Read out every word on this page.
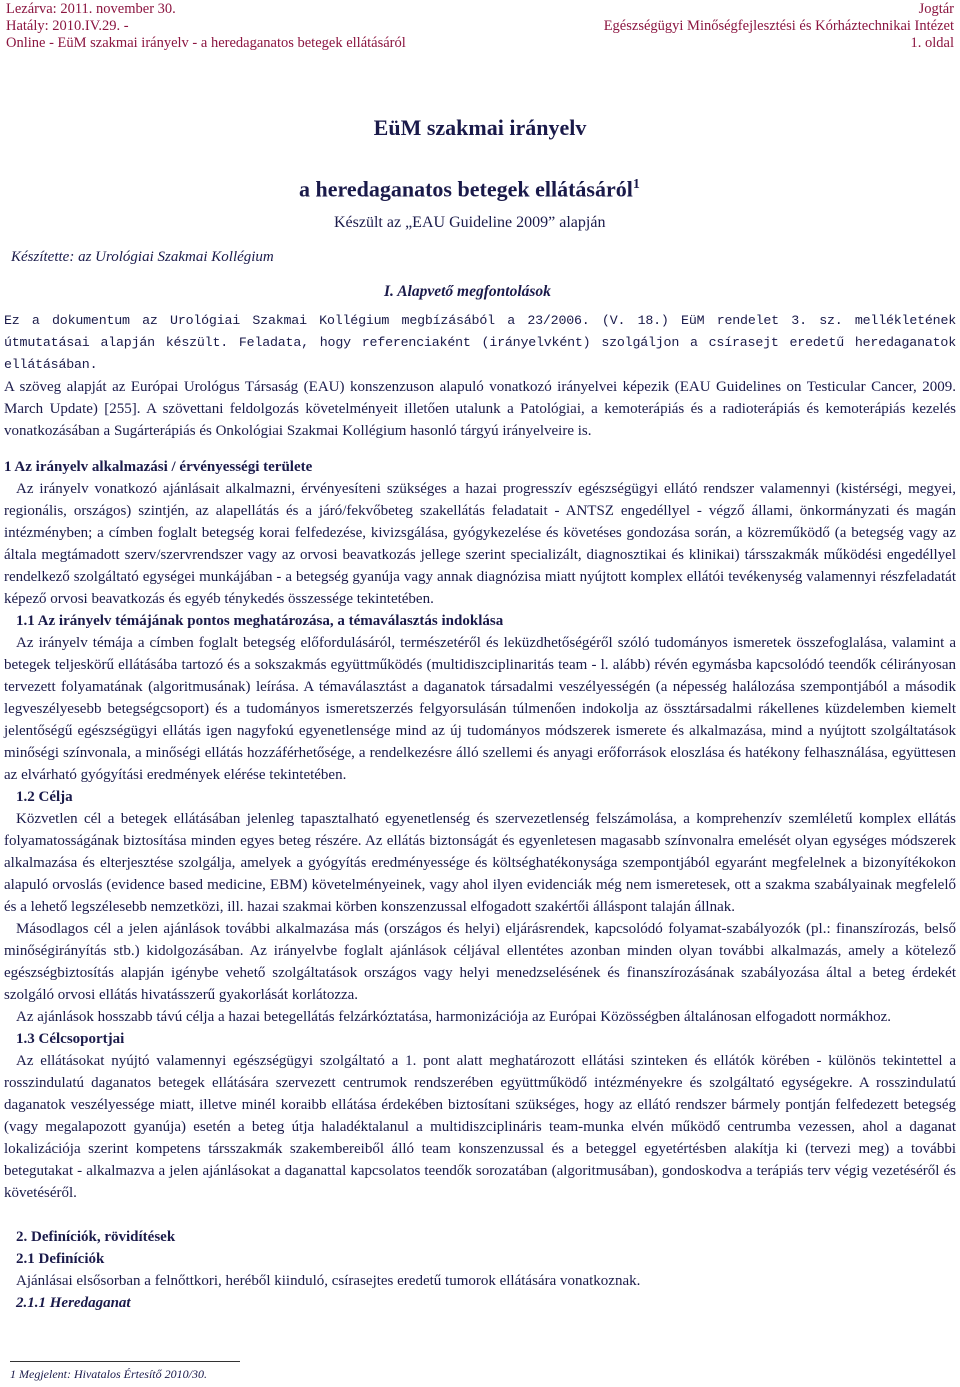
Lezárva: 2011. november 30.
Hatály: 2010.IV.29. -
Online - EüM szakmai irányelv - a heredaganatos betegek ellátásáról
Jogtár
Egészségügyi Minőségfejlesztési és Kórháztechnikai Intézet
1. oldal
EüM szakmai irányelv
a heredaganatos betegek ellátásáról$^1$
Készült az „EAU Guideline 2009” alapján
Készítette: az Urológiai Szakmai Kollégium
I. Alapvető megfontolások

Ez a dokumentum az Urológiai Szakmai Kollégium megbízásából a 23/2006. (V. 18.) EüM rendelet 3. sz. mellékletének útmutatásai alapján készült. Feladata, hogy referenciaként (irányelvként) szolgáljon a csírasejt eredetű heredaganatok ellátásában.

A szöveg alapját az Európai Urológus Társaság (EAU) konszenzuson alapuló vonatkozó irányelvei képezik (EAU Guidelines on Testicular Cancer, 2009. March Update) [255]. A szövettani feldolgozás követelményeit illetően utalunk a Patológiai, a kemoterápiás és a radioterápiás és kemoterápiás kezelés vonatkozásában a Sugárterápiás és Onkológiai Szakmai Kollégium hasonló tárgyú irányelveire is.

1 Az irányelv alkalmazási / érvényességi területe

Az irányelv vonatkozó ajánlásait alkalmazni, érvényesíteni szükséges a hazai progresszív egészségügyi ellátó rendszer valamennyi (kistérségi, megyei, regionális, országos) szintjén, az alapellátás és a járó/fekvőbeteg szakellátás feladatait - ANTSZ engedéllyel - végző állami, önkormányzati és magán intézményben; a címben foglalt betegség korai felfedezése, kivizsgálása, gyógykezelése és követéses gondozása során, a közreműködő (a betegség vagy az általa megtámadott szerv/szervrendszer vagy az orvosi beavatkozás jellege szerint specializált, diagnosztikai és klinikai) társszakmák működési engedéllyel rendelkező szolgáltató egységei munkájában - a betegség gyanúja vagy annak diagnózisa miatt nyújtott komplex ellátói tevékenység valamennyi részfeladatát képező orvosi beavatkozás és egyéb ténykedés összessége tekintetében.

1.1 Az irányelv témájának pontos meghatározása, a témaválasztás indoklása

Az irányelv témája a címben foglalt betegség előfordulásáról, természetéről és leküzdhetőségéről szóló tudományos ismeretek összefoglalása, valamint a betegek teljeskörű ellátásába tartozó és a sokszakmás együttműködés (multidiszciplinaritás team - l. alább) révén egymásba kapcsolódó teendők célirányosan tervezett folyamatának (algoritmusának) leírása. A témaválasztást a daganatok társadalmi veszélyességén (a népesség halálozása szempontjából a második legveszélyesebb betegségcsoport) és a tudományos ismeretszerzés felgyorsulásán túlmenően indokolja az össztársadalmi rákellenes küzdelemben kiemelt jelentőségű egészségügyi ellátás igen nagyfokú egyenetlensége mind az új tudományos módszerek ismerete és alkalmazása, mind a nyújtott szolgáltatások minőségi színvonala, a minőségi ellátás hozzáférhetősége, a rendelkezésre álló szellemi és anyagi erőforrások eloszlása és hatékony felhasználása, együttesen az elvárható gyógyítási eredmények elérése tekintetében.

1.2 Célja

Közvetlen cél a betegek ellátásában jelenleg tapasztalható egyenetlenség és szervezetlenség felszámolása, a komprehenzív szemléletű komplex ellátás folyamatosságának biztosítása minden egyes beteg részére. Az ellátás biztonságát és egyenletesen magasabb színvonalra emelését olyan egységes módszerek alkalmazása és elterjesztése szolgálja, amelyek a gyógyítás eredményessége és költséghatékonysága szempontjából egyaránt megfelelnek a bizonyítékokon alapuló orvoslás (evidence based medicine, EBM) követelményeinek, vagy ahol ilyen evidenciák még nem ismeretesek, ott a szakma szabályainak megfelelő és a lehető legszélesebb nemzetközi, ill. hazai szakmai körben konszenzussal elfogadott szakértői álláspont talaján állnak.

Másodlagos cél a jelen ajánlások további alkalmazása más (országos és helyi) eljárásrendek, kapcsolódó folyamat-szabályozók (pl.: finanszírozás, belső minőségirányítás stb.) kidolgozásában. Az irányelvbe foglalt ajánlások céljával ellentétes azonban minden olyan további alkalmazás, amely a kötelező egészségbiztosítás alapján igénybe vehető szolgáltatások országos vagy helyi menedzselésének és finanszírozásának szabályozása által a beteg érdekét szolgáló orvosi ellátás hivatásszerű gyakorlását korlátozza.

Az ajánlások hosszabb távú célja a hazai betegellátás felzárkóztatása, harmonizációja az Európai Közösségben általánosan elfogadott normákhoz.

1.3 Célcsoportjai

Az ellátásokat nyújtó valamennyi egészségügyi szolgáltató a 1. pont alatt meghatározott ellátási szinteken és ellátók körében - különös tekintettel a rosszindulatú daganatos betegek ellátására szervezett centrumok rendszerében együttműködő intézményekre és szolgáltató egységekre. A rosszindulatú daganatok veszélyessége miatt, illetve minél koraibb ellátása érdekében biztosítani szükséges, hogy az ellátó rendszer bármely pontján felfedezett betegség (vagy megalapozott gyanúja) esetén a beteg útja haladéktalanul a multidiszciplináris team-munka elvén működő centrumba vezessen, ahol a daganat lokalizációja szerint kompetens társszakmák szakembereiből álló team konszenzussal és a beteggel egyetértésben alakítja ki (tervezi meg) a további betegutakat - alkalmazva a jelen ajánlásokat a daganattal kapcsolatos teendők sorozatában (algoritmusában), gondoskodva a terápiás terv végig vezetéséről és követéséről.

2. Definíciók, rövidítések

2.1 Definíciók

Ajánlásai elsősorban a felnőttkori, heréből kiinduló, csírasejtes eredetű tumorok ellátására vonatkoznak.

2.1.1 Heredaganat

1 Megjelent: Hivatalos Értesítő 2010/30.
